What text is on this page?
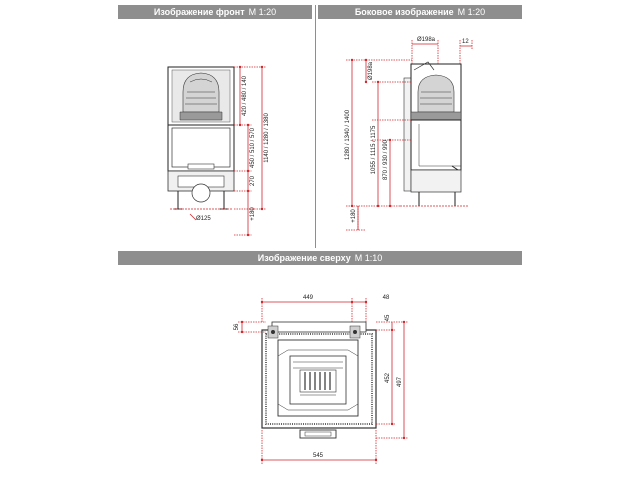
Изображение фронт M 1:20	Боковое изображение M 1:20
Изображение сверху M 1:10
420 / 480 / 140
450 / 510 / 570 1140 / 1280 / 1380
270
+180
Ø125
Ø198a	12
Ø198a
1280 / 1340 / 1400	1055 / 1115 / 1175 870 / 930 / 990
+180
449	48
545
56
45
452 497
